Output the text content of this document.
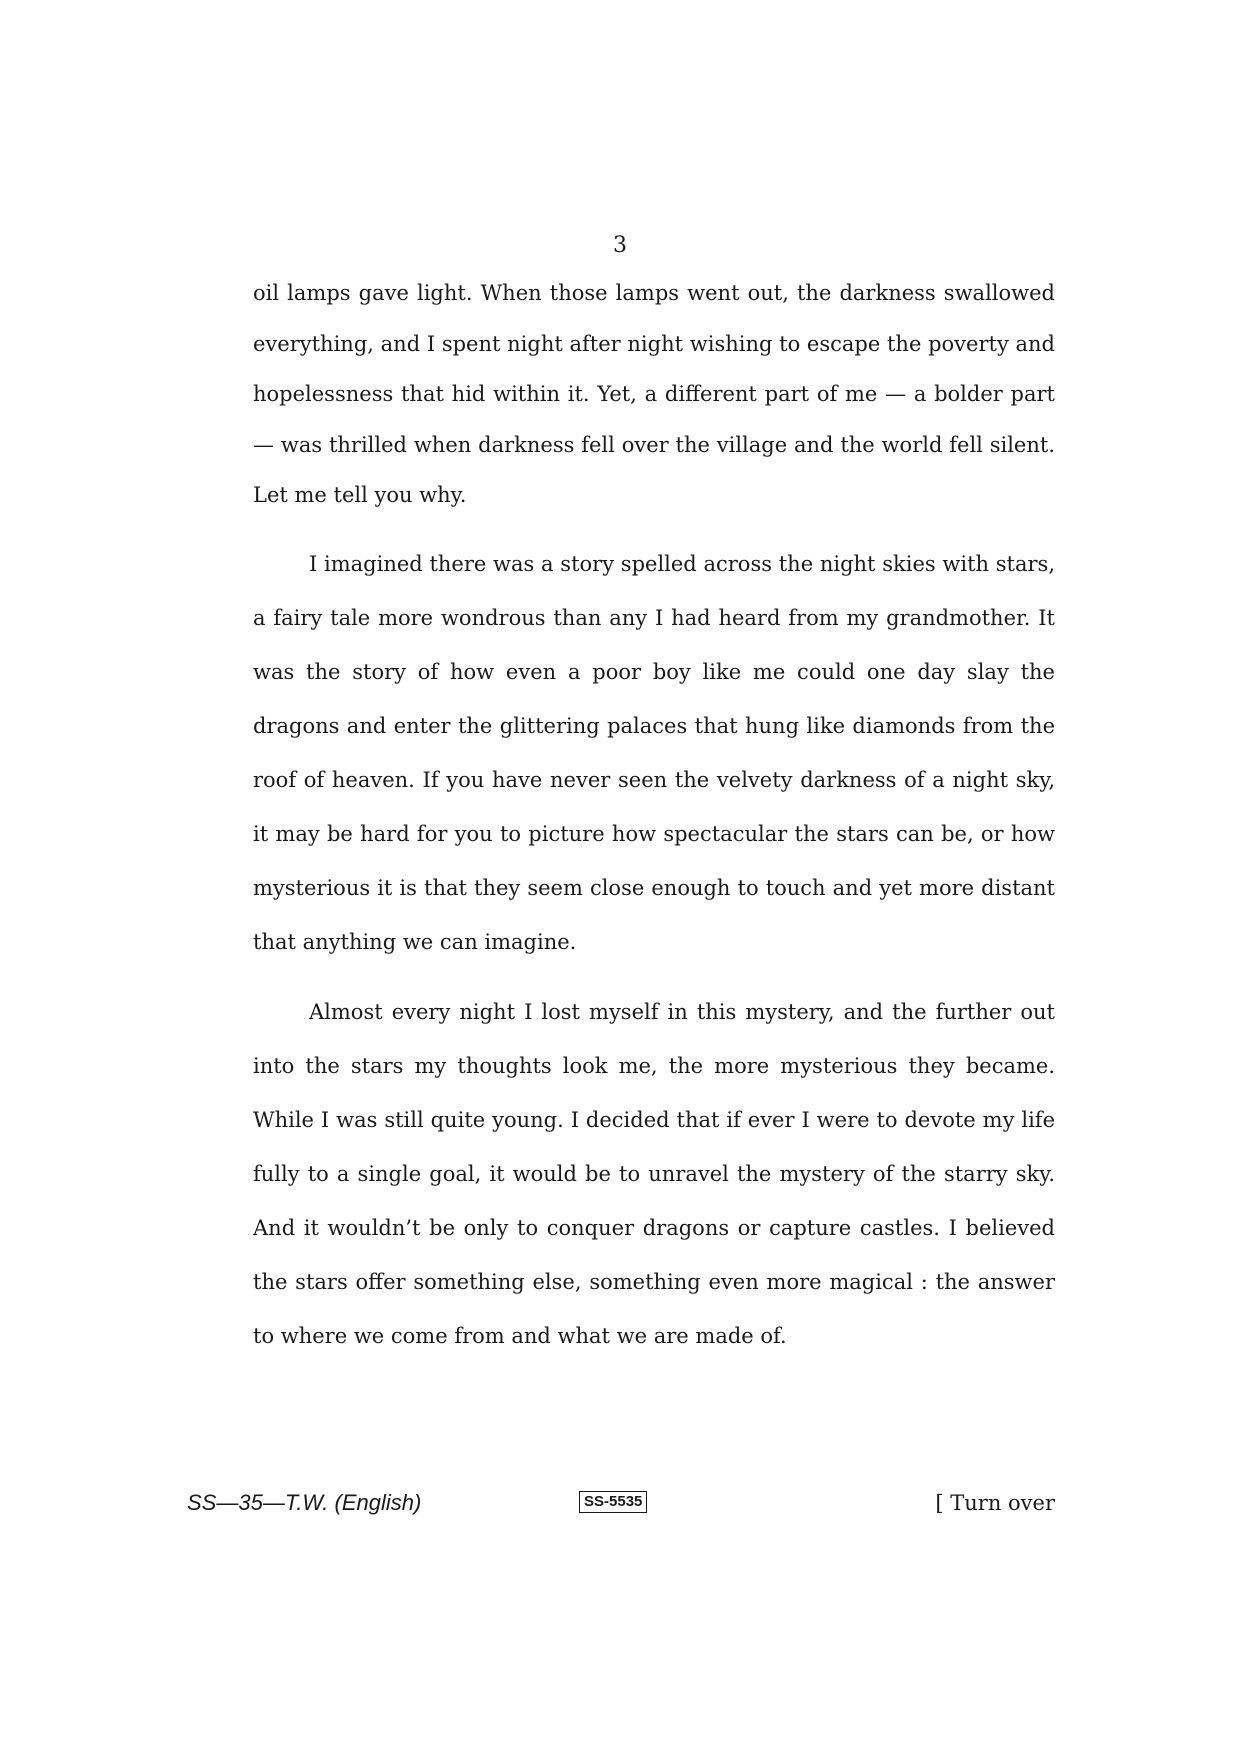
3

oil lamps gave light. When those lamps went out, the darkness swallowed everything, and I spent night after night wishing to escape the poverty and hopelessness that hid within it. Yet, a different part of me — a bolder part — was thrilled when darkness fell over the village and the world fell silent. Let me tell you why.

I imagined there was a story spelled across the night skies with stars, a fairy tale more wondrous than any I had heard from my grandmother. It was the story of how even a poor boy like me could one day slay the dragons and enter the glittering palaces that hung like diamonds from the roof of heaven. If you have never seen the velvety darkness of a night sky, it may be hard for you to picture how spectacular the stars can be, or how mysterious it is that they seem close enough to touch and yet more distant that anything we can imagine.

Almost every night I lost myself in this mystery, and the further out into the stars my thoughts look me, the more mysterious they became. While I was still quite young. I decided that if ever I were to devote my life fully to a single goal, it would be to unravel the mystery of the starry sky. And it wouldn’t be only to conquer dragons or capture castles. I believed the stars offer something else, something even more magical : the answer to where we come from and what we are made of.

SS—35—T.W. (English)	SS-5535	[ Turn over
